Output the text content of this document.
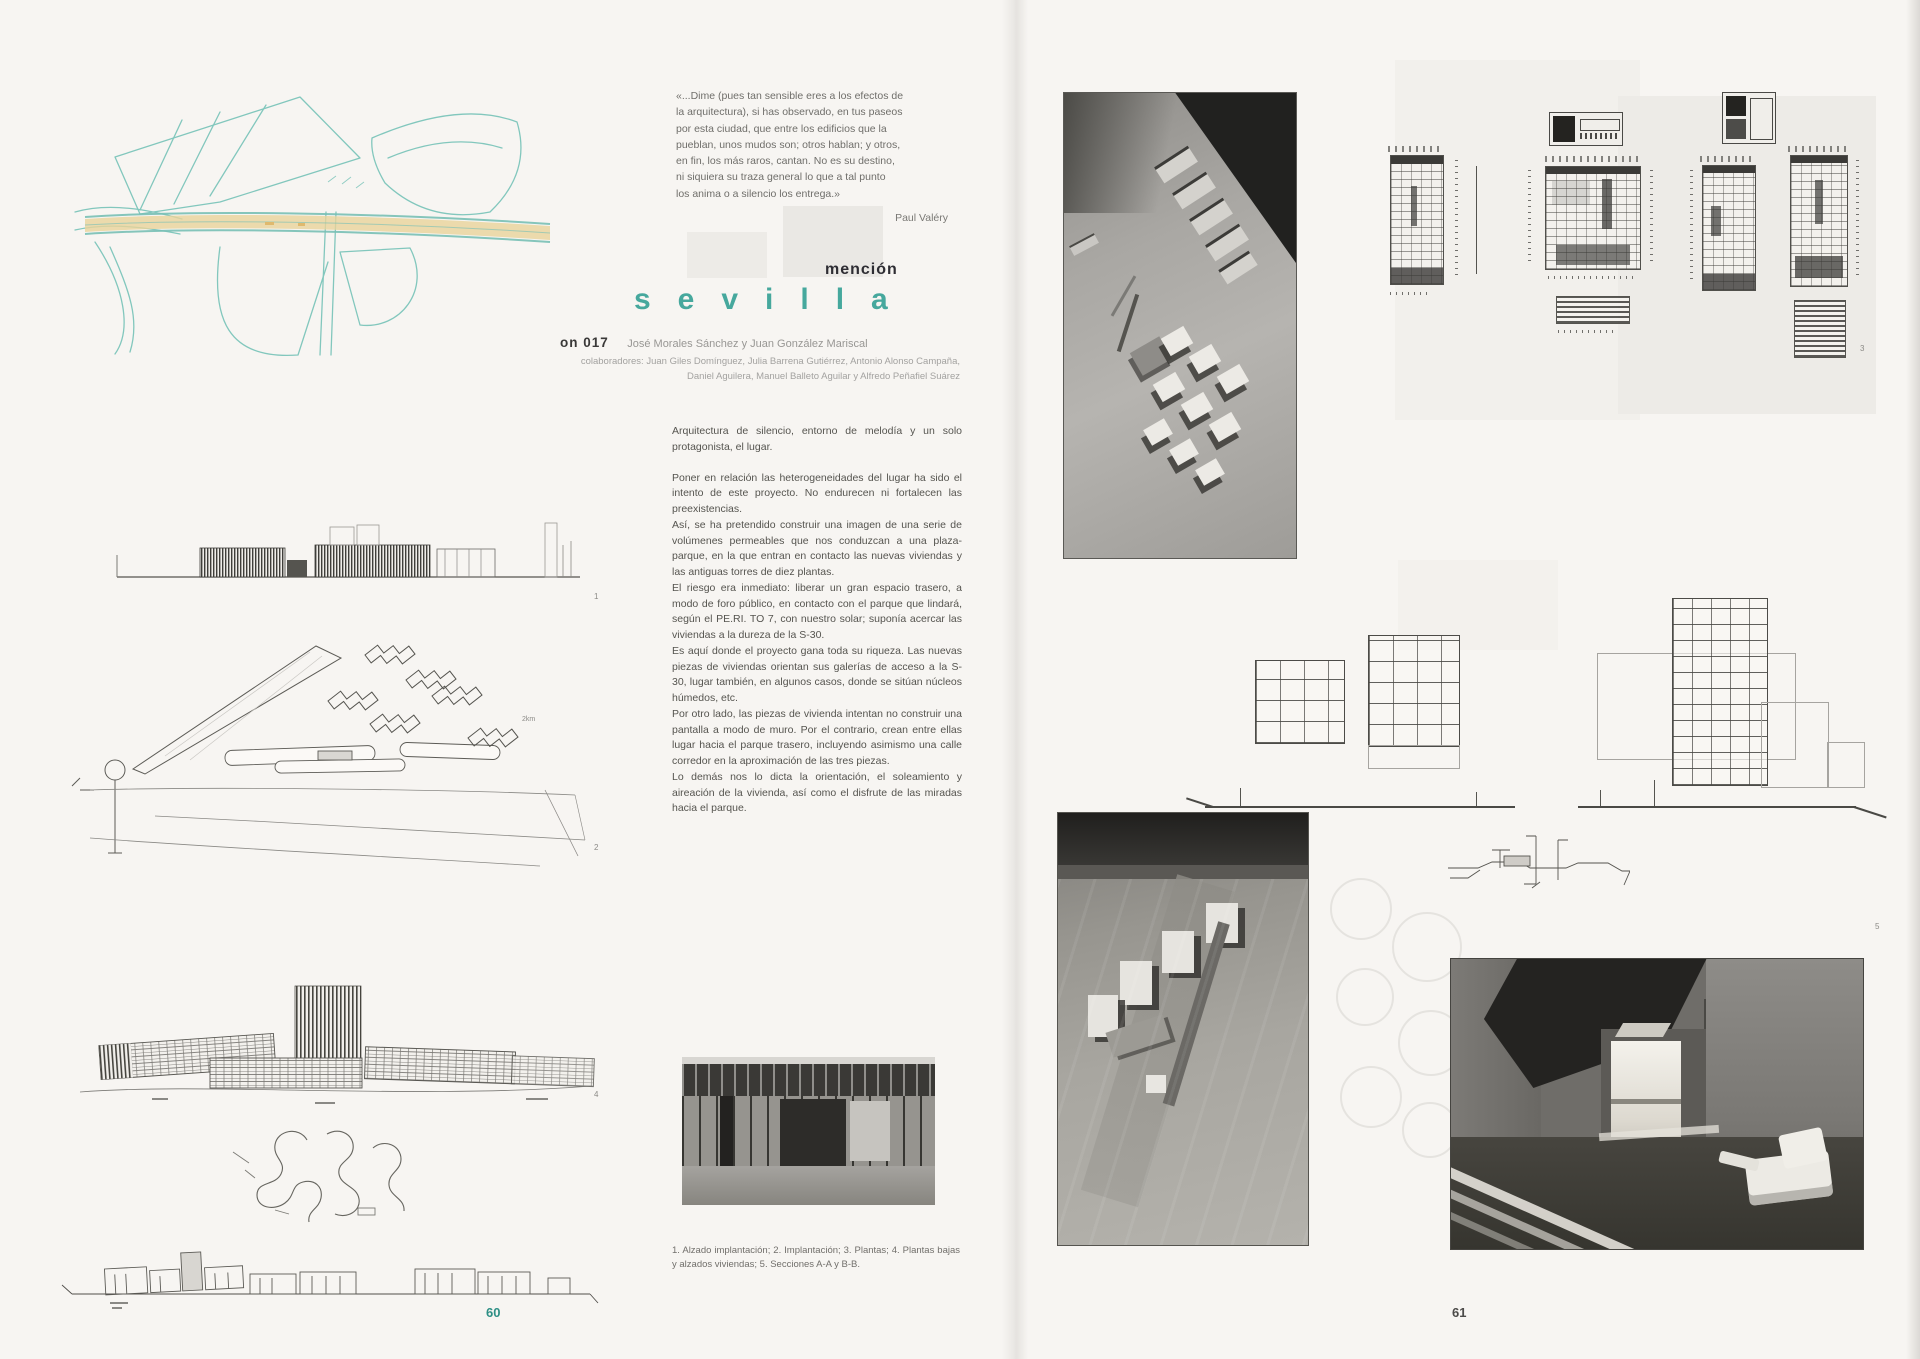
«...Dime (pues tan sensible eres a los efectos de
la arquitectura), si has observado, en tus paseos
por esta ciudad, que entre los edificios que la
pueblan, unos mudos son; otros hablan; y otros,
en fin, los más raros, cantan. No es su destino,
ni siquiera su traza general lo que a tal punto
los anima o a silencio los entrega.»
Paul Valéry
mención
sevilla
on 017 José Morales Sánchez y Juan González Mariscal
colaboradores: Juan Giles Domínguez, Julia Barrena Gutiérrez, Antonio Alonso Campaña,
Daniel Aguilera, Manuel Balleto Aguilar y Alfredo Peñafiel Suárez
1
2km
2

Arquitectura de silencio, entorno de melodía y un solo protagonista, el lugar.

Poner en relación las heterogeneidades del lugar ha sido el intento de este proyecto. No endurecen ni fortalecen las preexistencias.

Así, se ha pretendido construir una imagen de una serie de volúmenes permeables que nos conduzcan a una plaza-parque, en la que entran en contacto las nuevas viviendas y las antiguas torres de diez plantas.

El riesgo era inmediato: liberar un gran espacio trasero, a modo de foro público, en contacto con el parque que lindará, según el PE.RI. TO 7, con nuestro solar; suponía acercar las viviendas a la dureza de la S-30.

Es aquí donde el proyecto gana toda su riqueza. Las nuevas piezas de viviendas orientan sus galerías de acceso a la S-30, lugar también, en algunos casos, donde se sitúan núcleos húmedos, etc.

Por otro lado, las piezas de vivienda intentan no construir una pantalla a modo de muro. Por el contrario, crean entre ellas lugar hacia el parque trasero, incluyendo asimismo una calle corredor en la aproximación de las tres piezas.

Lo demás nos lo dicta la orientación, el soleamiento y aireación de la vivienda, así como el disfrute de las miradas hacia el parque.

4
1. Alzado implantación; 2. Implantación; 3. Plantas; 4. Plantas bajas y alzados viviendas; 5. Secciones A-A y B-B.
60
3
5
61
